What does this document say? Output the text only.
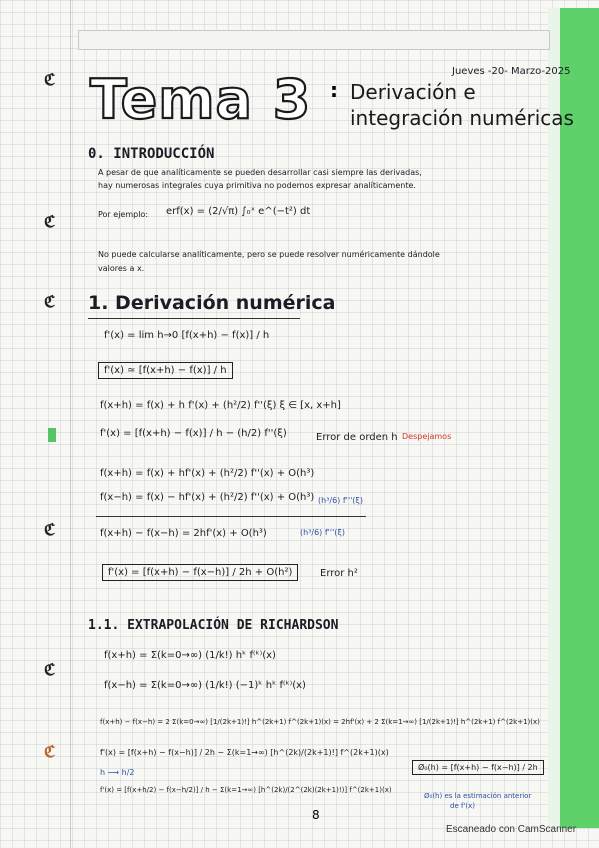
ℭ
ℭ
ℭ
ℭ
ℭ
ℭ
Jueves -20- Marzo-2025
Tema 3 : Derivación e
integración numéricas
0. INTRODUCCIÓN
A pesar de que analíticamente se pueden desarrollar casi siempre las derivadas,
hay numerosas integrales cuya primitiva no podemos expresar analíticamente.
Por ejemplo: erf(x) = (2/√π) ∫₀ˣ e^(−t²) dt
No puede calcularse analíticamente, pero se puede resolver numéricamente dándole
valores a x.
1. Derivación numérica
f'(x) = lim h→0 [f(x+h) − f(x)] / h
f'(x) ≃ [f(x+h) − f(x)] / h
f(x+h) = f(x) + h f'(x) + (h²/2) f''(ξ) ξ ∈ [x, x+h]
f'(x) = [f(x+h) − f(x)] / h − (h/2) f''(ξ)	Error de orden h Despejamos
f(x+h) = f(x) + hf'(x) + (h²/2) f''(x) + O(h³)
f(x−h) = f(x) − hf'(x) + (h²/2) f''(x) + O(h³) (h³/6) f'''(ξ)
f(x+h) − f(x−h) = 2hf'(x) + O(h³)	(h³/6) f'''(ξ)
f'(x) = [f(x+h) − f(x−h)] / 2h + O(h²)	Error h²
1.1. EXTRAPOLACIÓN DE RICHARDSON
f(x+h) = Σ(k=0→∞) (1/k!) hᵏ f⁽ᵏ⁾(x)
f(x−h) = Σ(k=0→∞) (1/k!) (−1)ᵏ hᵏ f⁽ᵏ⁾(x)
f(x+h) − f(x−h) = 2 Σ(k=0→∞) [1/(2k+1)!] h^(2k+1) f^(2k+1)(x) = 2hf'(x) + 2 Σ(k=1→∞) [1/(2k+1)!] h^(2k+1) f^(2k+1)(x)
f'(x) = [f(x+h) − f(x−h)] / 2h − Σ(k=1→∞) [h^(2k)/(2k+1)!] f^(2k+1)(x)
h ⟶ h/2
f'(x) = [f(x+h/2) − f(x−h/2)] / h − Σ(k=1→∞) [h^(2k)/(2^(2k)(2k+1)!)] f^(2k+1)(x)
Ø₀(h) = [f(x+h) − f(x−h)] / 2h
Ø₀(h) es la estimación anterior
de f'(x)
8
Escaneado con CamScanner
